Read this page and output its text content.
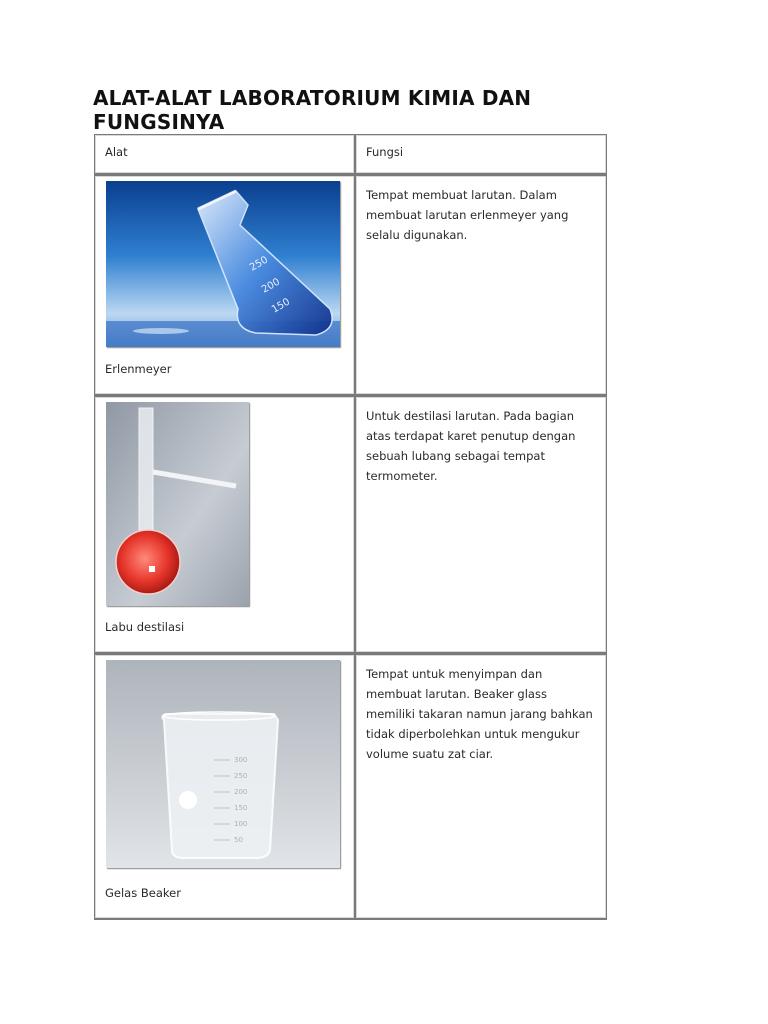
ALAT-ALAT LABORATORIUM KIMIA DAN FUNGSINYA
Alat	Fungsi
250
200
150
Erlenmeyer
Tempat membuat larutan. Dalam membuat larutan erlenmeyer yang selalu digunakan.
Labu destilasi
Untuk destilasi larutan. Pada bagian atas terdapat karet penutup dengan sebuah lubang sebagai tempat termometer.
300
250
200
150
100
50
Gelas Beaker
Tempat untuk menyimpan dan membuat larutan. Beaker glass memiliki takaran namun jarang bahkan tidak diperbolehkan untuk mengukur volume suatu zat ciar.
